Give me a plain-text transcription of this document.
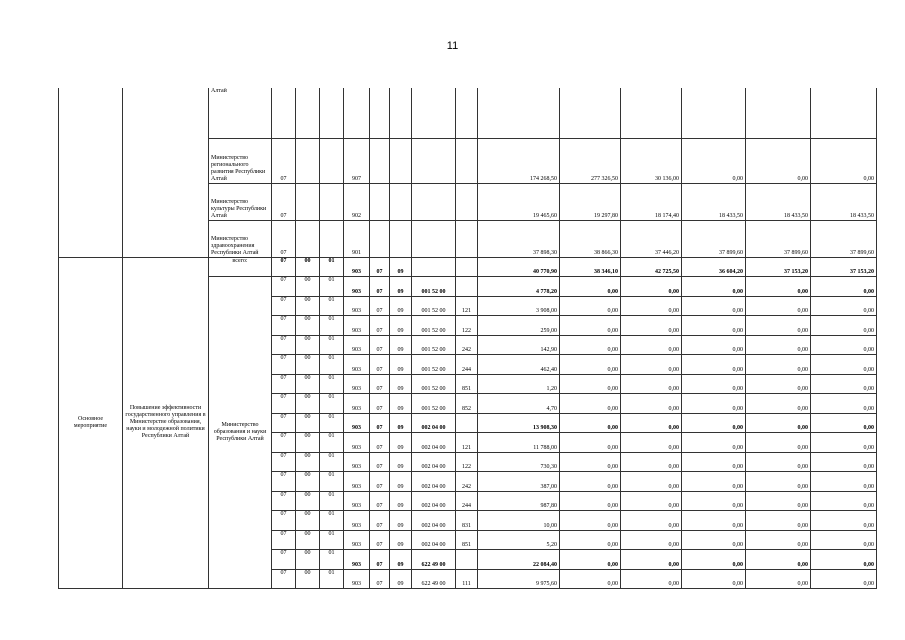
11
		Алтай														
		Министерство регионального развития Республики Алтай	07			907					174 268,50	277 326,50	30 136,00	0,00	0,00	0,00
		Министерство культуры Республики Алтай	07			902					19 465,60	19 297,80	18 174,40	18 433,50	18 433,50	18 433,50
		Министерство здравоохранения Республики Алтай	07			901					37 898,30	38 866,30	37 446,20	37 899,60	37 899,60	37 899,60
Основное мероприятие	Повышение эффективности государственного управления в Министерстве образования, науки и молодежной политики Республики Алтай	всего:	07	00	01	903	07	09			40 770,90	38 346,10	42 725,50	36 604,20	37 153,20	37 153,20
		Министерство образования и науки Республики Алтай	07	00	01	903	07	09	001 52 00		4 778,20	0,00	0,00	0,00	0,00	0,00
			07	00	01	903	07	09	001 52 00	121	3 908,00	0,00	0,00	0,00	0,00	0,00
			07	00	01	903	07	09	001 52 00	122	259,00	0,00	0,00	0,00	0,00	0,00
			07	00	01	903	07	09	001 52 00	242	142,90	0,00	0,00	0,00	0,00	0,00
			07	00	01	903	07	09	001 52 00	244	462,40	0,00	0,00	0,00	0,00	0,00
			07	00	01	903	07	09	001 52 00	851	1,20	0,00	0,00	0,00	0,00	0,00
			07	00	01	903	07	09	001 52 00	852	4,70	0,00	0,00	0,00	0,00	0,00
			07	00	01	903	07	09	002 04 00		13 908,30	0,00	0,00	0,00	0,00	0,00
			07	00	01	903	07	09	002 04 00	121	11 788,00	0,00	0,00	0,00	0,00	0,00
			07	00	01	903	07	09	002 04 00	122	730,30	0,00	0,00	0,00	0,00	0,00
			07	00	01	903	07	09	002 04 00	242	387,00	0,00	0,00	0,00	0,00	0,00
			07	00	01	903	07	09	002 04 00	244	987,80	0,00	0,00	0,00	0,00	0,00
			07	00	01	903	07	09	002 04 00	831	10,00	0,00	0,00	0,00	0,00	0,00
			07	00	01	903	07	09	002 04 00	851	5,20	0,00	0,00	0,00	0,00	0,00
			07	00	01	903	07	09	622 49 00		22 084,40	0,00	0,00	0,00	0,00	0,00
			07	00	01	903	07	09	622 49 00	111	9 975,60	0,00	0,00	0,00	0,00	0,00
